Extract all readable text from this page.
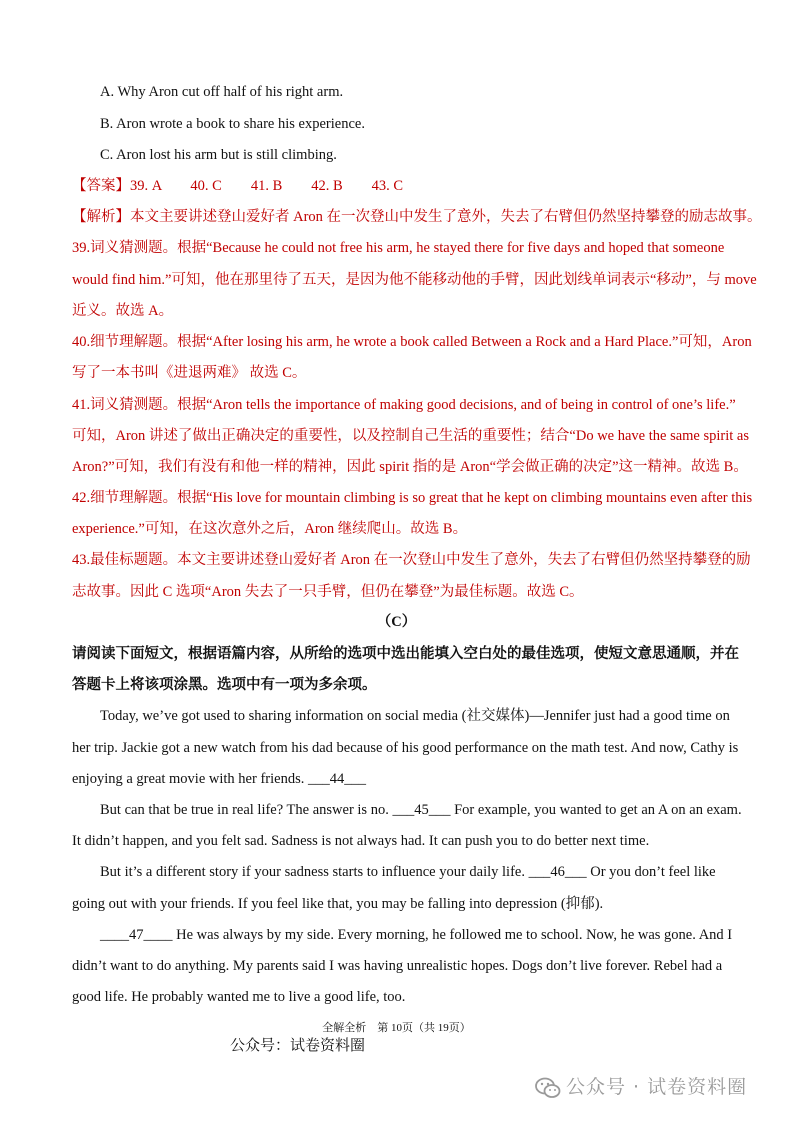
A. Why Aron cut off half of his right arm.
B. Aron wrote a book to share his experience.
C. Aron lost his arm but is still climbing.
【答案】39. A　　40. C　　41. B　　42. B　　43. C
【解析】本文主要讲述登山爱好者 Aron 在一次登山中发生了意外，失去了右臂但仍然坚持攀登的励志故事。
39.词义猜测题。根据“Because he could not free his arm, he stayed there for five days and hoped that someone
would find him.”可知，他在那里待了五天，是因为他不能移动他的手臂，因此划线单词表示“移动”，与 move
近义。故选 A。
40.细节理解题。根据“After losing his arm, he wrote a book called Between a Rock and a Hard Place.”可知，Aron
写了一本书叫《进退两难》 故选 C。
41.词义猜测题。根据“Aron tells the importance of making good decisions, and of being in control of one’s life.”
可知，Aron 讲述了做出正确决定的重要性，以及控制自己生活的重要性；结合“Do we have the same spirit as
Aron?”可知，我们有没有和他一样的精神，因此 spirit 指的是 Aron“学会做正确的决定”这一精神。故选 B。
42.细节理解题。根据“His love for mountain climbing is so great that he kept on climbing mountains even after this
experience.”可知，在这次意外之后，Aron 继续爬山。故选 B。
43.最佳标题题。本文主要讲述登山爱好者 Aron 在一次登山中发生了意外，失去了右臂但仍然坚持攀登的励
志故事。因此 C 选项“Aron 失去了一只手臂，但仍在攀登”为最佳标题。故选 C。
（C）
请阅读下面短文，根据语篇内容，从所给的选项中选出能填入空白处的最佳选项，使短文意思通顺，并在
答题卡上将该项涂黑。选项中有一项为多余项。
Today, we’ve got used to sharing information on social media (社交媒体)—Jennifer just had a good time on
her trip. Jackie got a new watch from his dad because of his good performance on the math test. And now, Cathy is
enjoying a great movie with her friends. ___44___
But can that be true in real life? The answer is no. ___45___ For example, you wanted to get an A on an exam.
It didn’t happen, and you felt sad. Sadness is not always had. It can push you to do better next time.
But it’s a different story if your sadness starts to influence your daily life. ___46___ Or you don’t feel like
going out with your friends. If you feel like that, you may be falling into depression (抑郁).
____47____ He was always by my side. Every morning, he followed me to school. Now, he was gone. And I
didn’t want to do anything. My parents said I was having unrealistic hopes. Dogs don’t live forever. Rebel had a
good life. He probably wanted me to live a good life, too.
全解全析　第 10页（共 19页）
公众号：试卷资料圈
公众号 · 试卷资料圈
